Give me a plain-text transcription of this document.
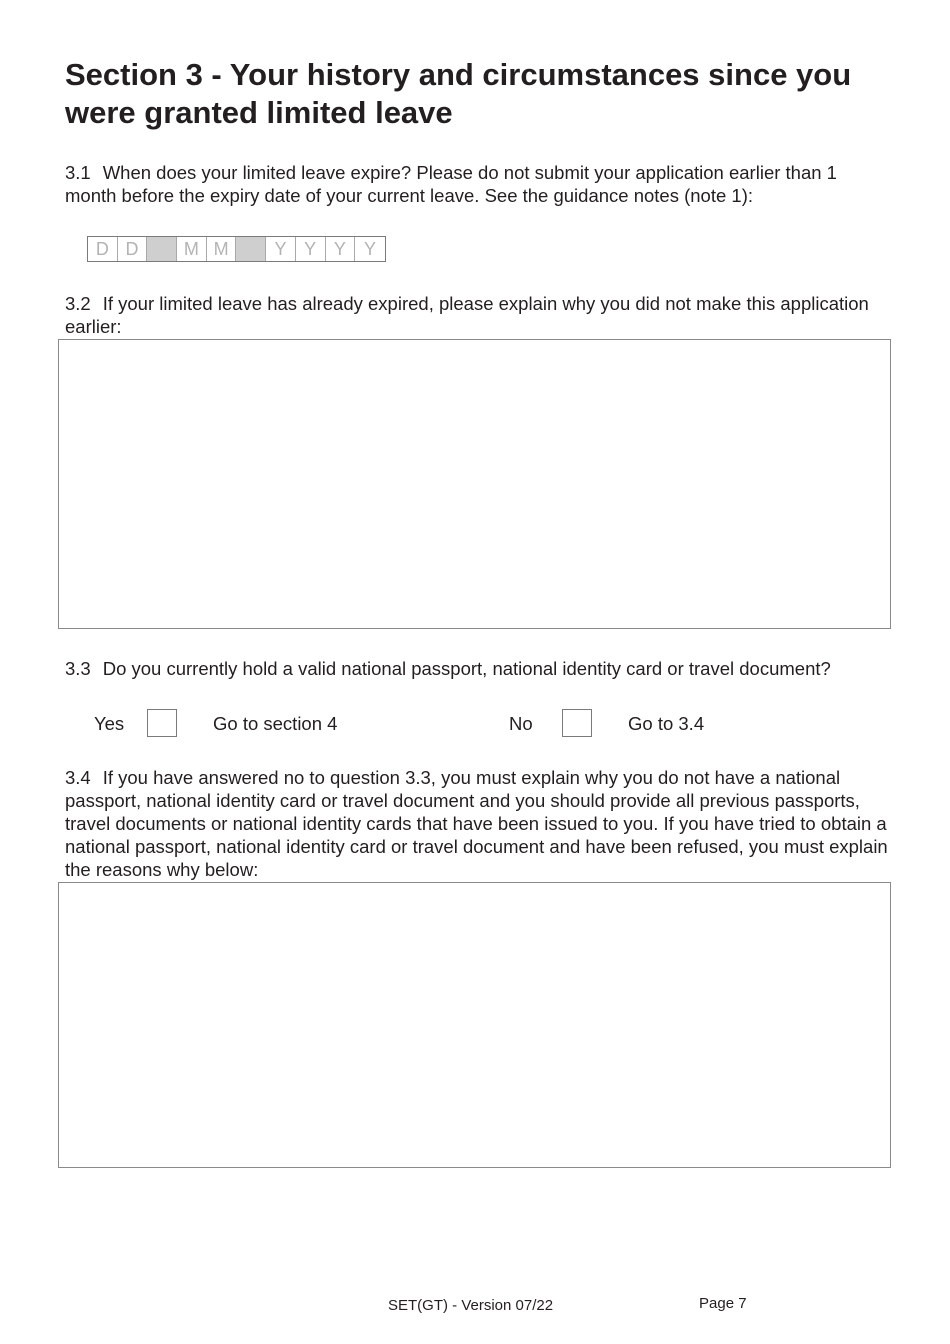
Section 3 - Your history and circumstances since you were granted limited leave
3.1 When does your limited leave expire? Please do not submit your application earlier than 1 month before the expiry date of your current leave. See the guidance notes (note 1):
D D	M M	Y Y Y	Y
3.2 If your limited leave has already expired, please explain why you did not make this application earlier:
3.3 Do you currently hold a valid national passport, national identity card or travel document?
Yes	Go to section 4	No	Go to 3.4
3.4 If you have answered no to question 3.3, you must explain why you do not have a national passport, national identity card or travel document and you should provide all previous passports, travel documents or national identity cards that have been issued to you. If you have tried to obtain a national passport, national identity card or travel document and have been refused, you must explain the reasons why below:
SET(GT) - Version 07/22	Page 7
